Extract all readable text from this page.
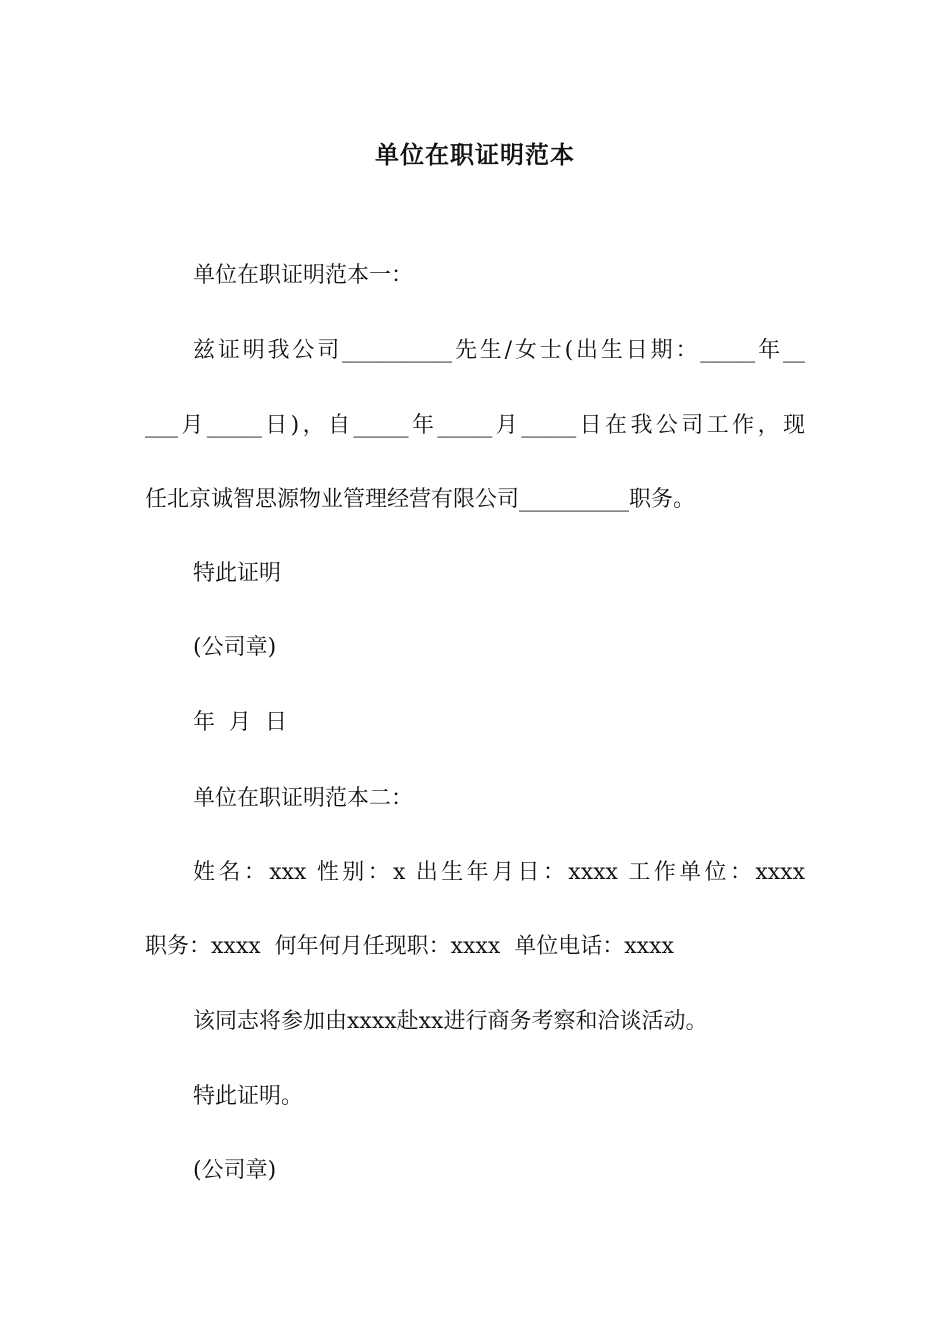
单位在职证明范本
单位在职证明范本一：
兹证明我公司__________先生/女士(出生日期：_____年__
___月_____日)，自_____年_____月_____日在我公司工作，现
任北京诚智思源物业管理经营有限公司__________职务。
特此证明
(公司章)
年  月  日
单位在职证明范本二：
姓名：xxx 性别：x 出生年月日：xxxx 工作单位：xxxx
职务：xxxx  何年何月任现职：xxxx  单位电话：xxxx
该同志将参加由xxxx赴xx进行商务考察和洽谈活动。
特此证明。
(公司章)
